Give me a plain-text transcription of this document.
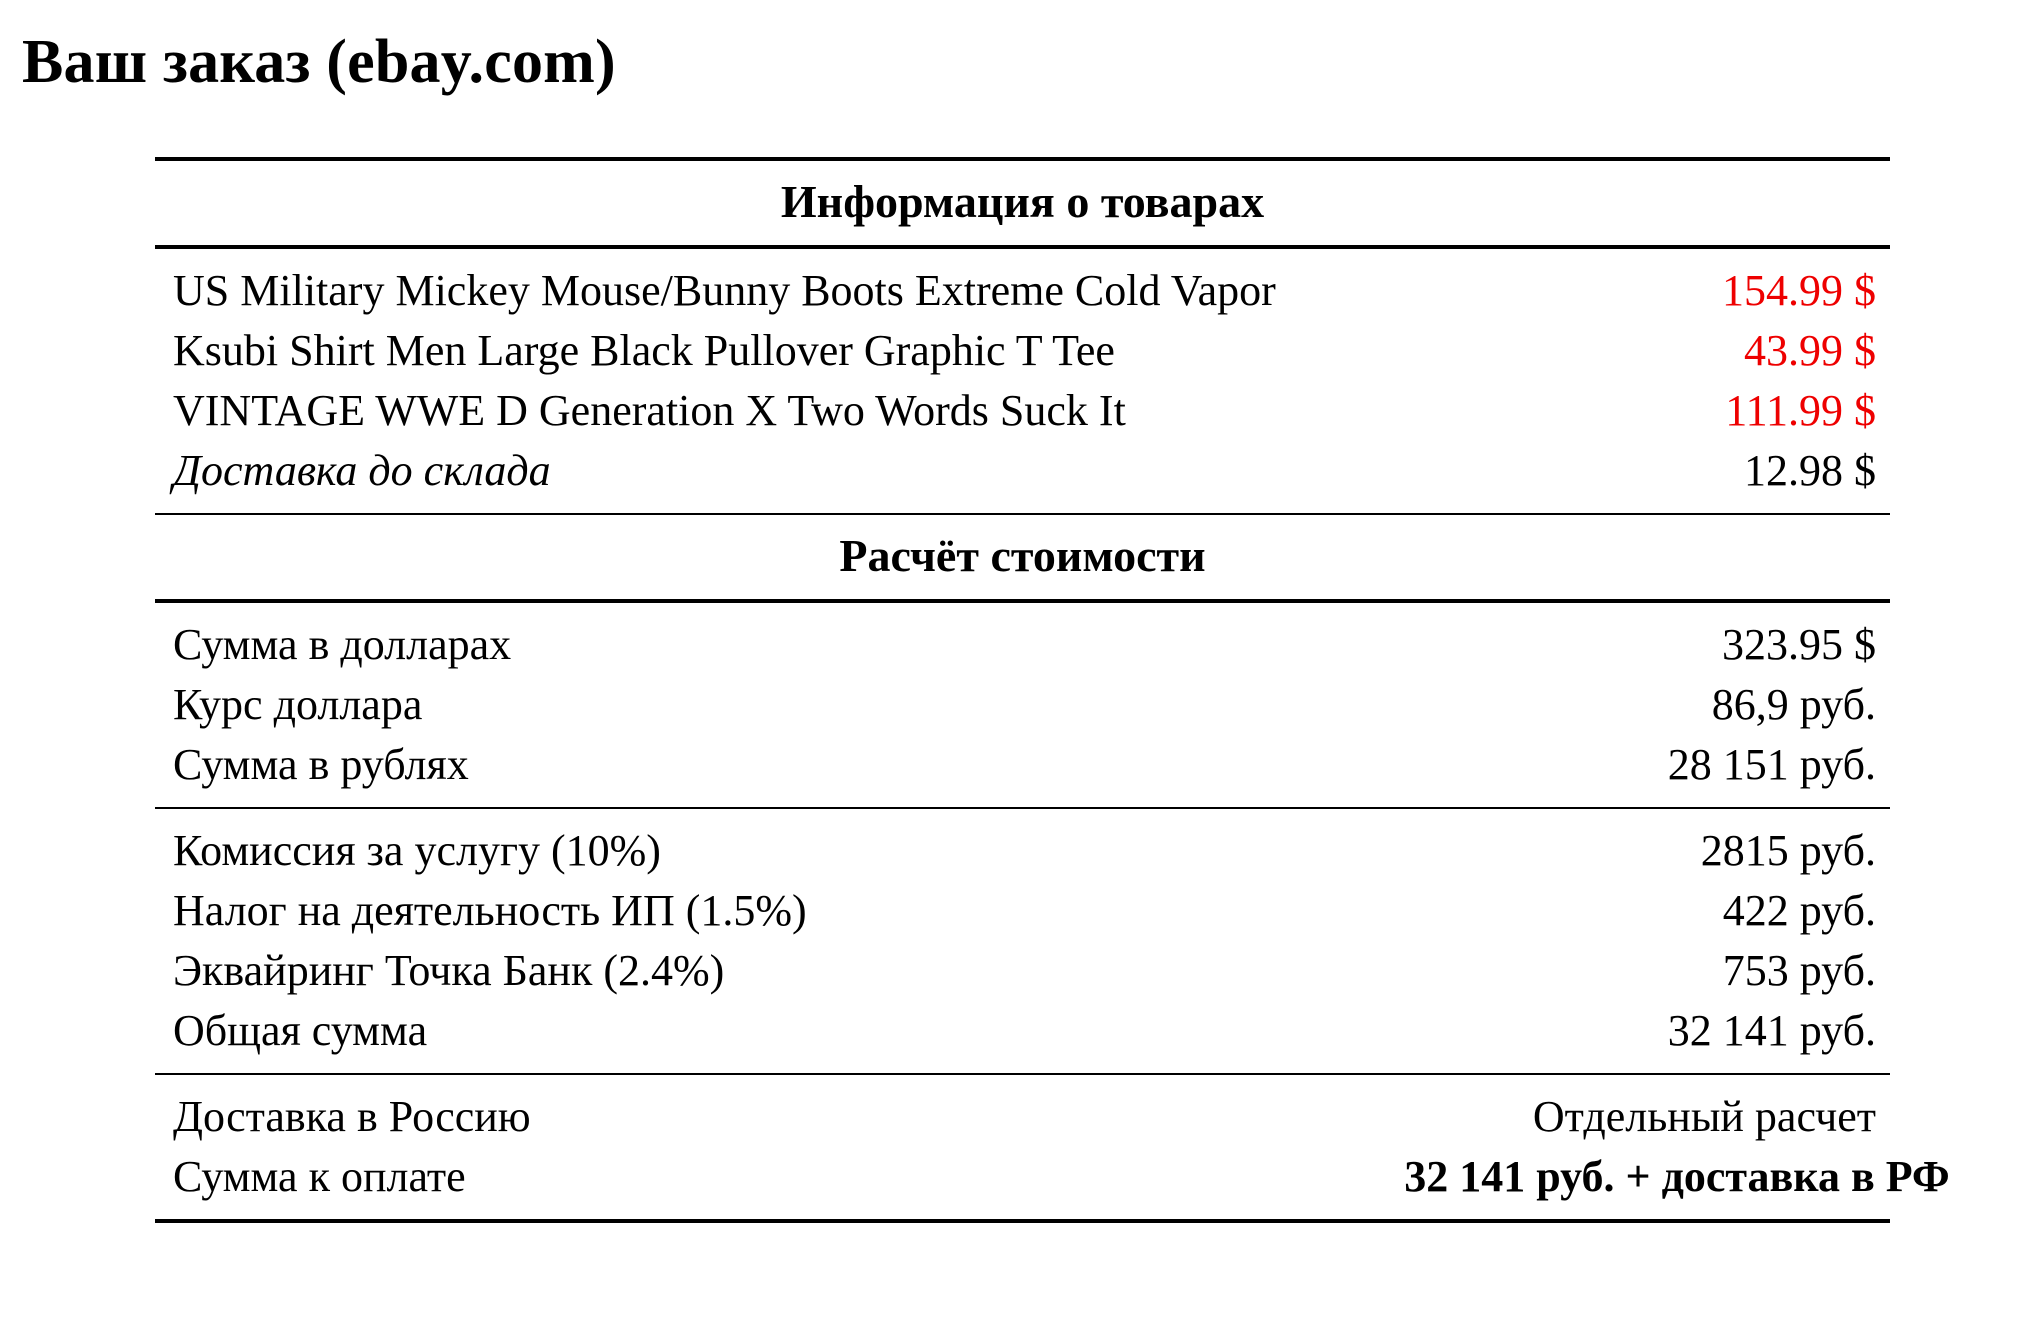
Ваш заказ (ebay.com)
Информация о товарах	
US Military Mickey Mouse/Bunny Boots Extreme Cold Vapor	154.99 $
Ksubi Shirt Men Large Black Pullover Graphic T Tee	43.99 $
VINTAGE WWE D Generation X Two Words Suck It	111.99 $
Доставка до склада	12.98 $
Расчёт стоимости	
Сумма в долларах	323.95 $
Курс доллара	86,9 руб.
Сумма в рублях	28 151 руб.
Комиссия за услугу (10%)	2815 руб.
Налог на деятельность ИП (1.5%)	422 руб.
Эквайринг Точка Банк (2.4%)	753 руб.
Общая сумма	32 141 руб.
Доставка в Россию	Отдельный расчет
Сумма к оплате	32 141 руб. + доставка в РФ
